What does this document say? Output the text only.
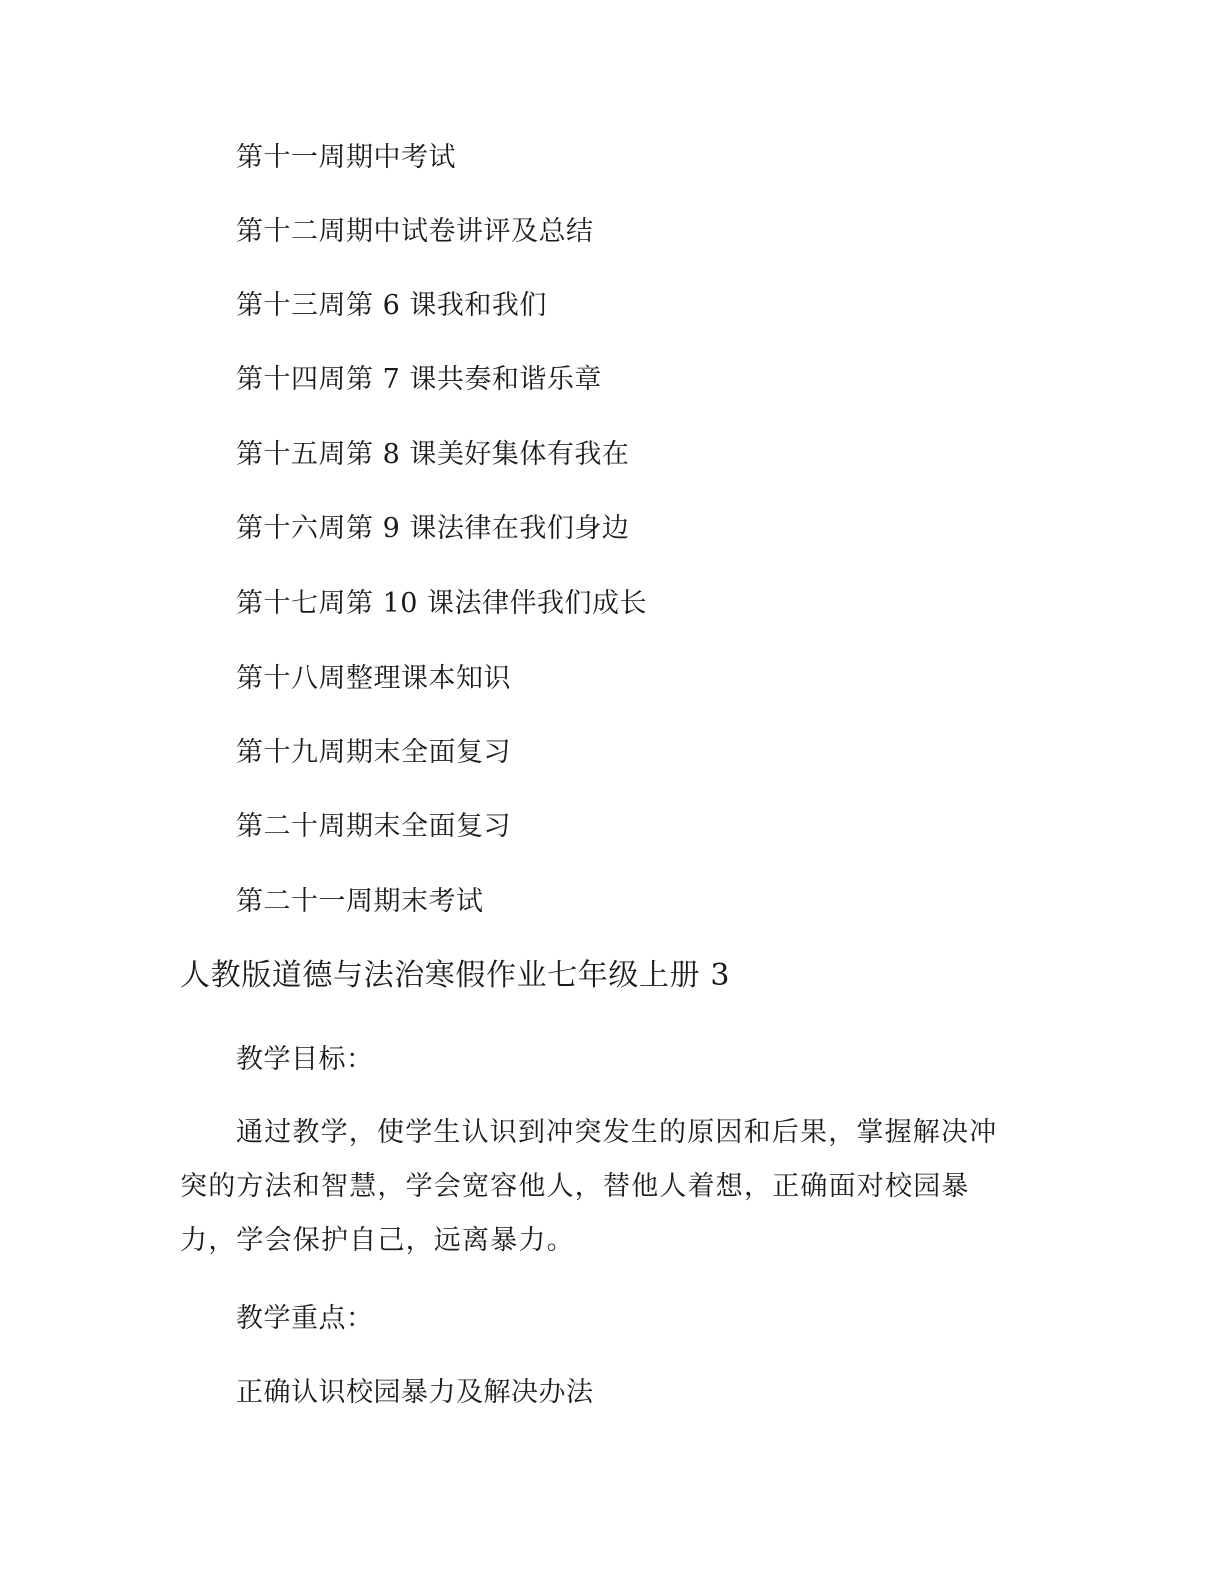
第十一周期中考试
第十二周期中试卷讲评及总结
第十三周第 6 课我和我们
第十四周第 7 课共奏和谐乐章
第十五周第 8 课美好集体有我在
第十六周第 9 课法律在我们身边
第十七周第 10 课法律伴我们成长
第十八周整理课本知识
第十九周期末全面复习
第二十周期末全面复习
第二十一周期末考试
人教版道德与法治寒假作业七年级上册 3
教学目标：

通过教学，使学生认识到冲突发生的原因和后果，掌握解决冲突的方法和智慧，学会宽容他人，替他人着想，正确面对校园暴力，学会保护自己，远离暴力。

教学重点：
正确认识校园暴力及解决办法
